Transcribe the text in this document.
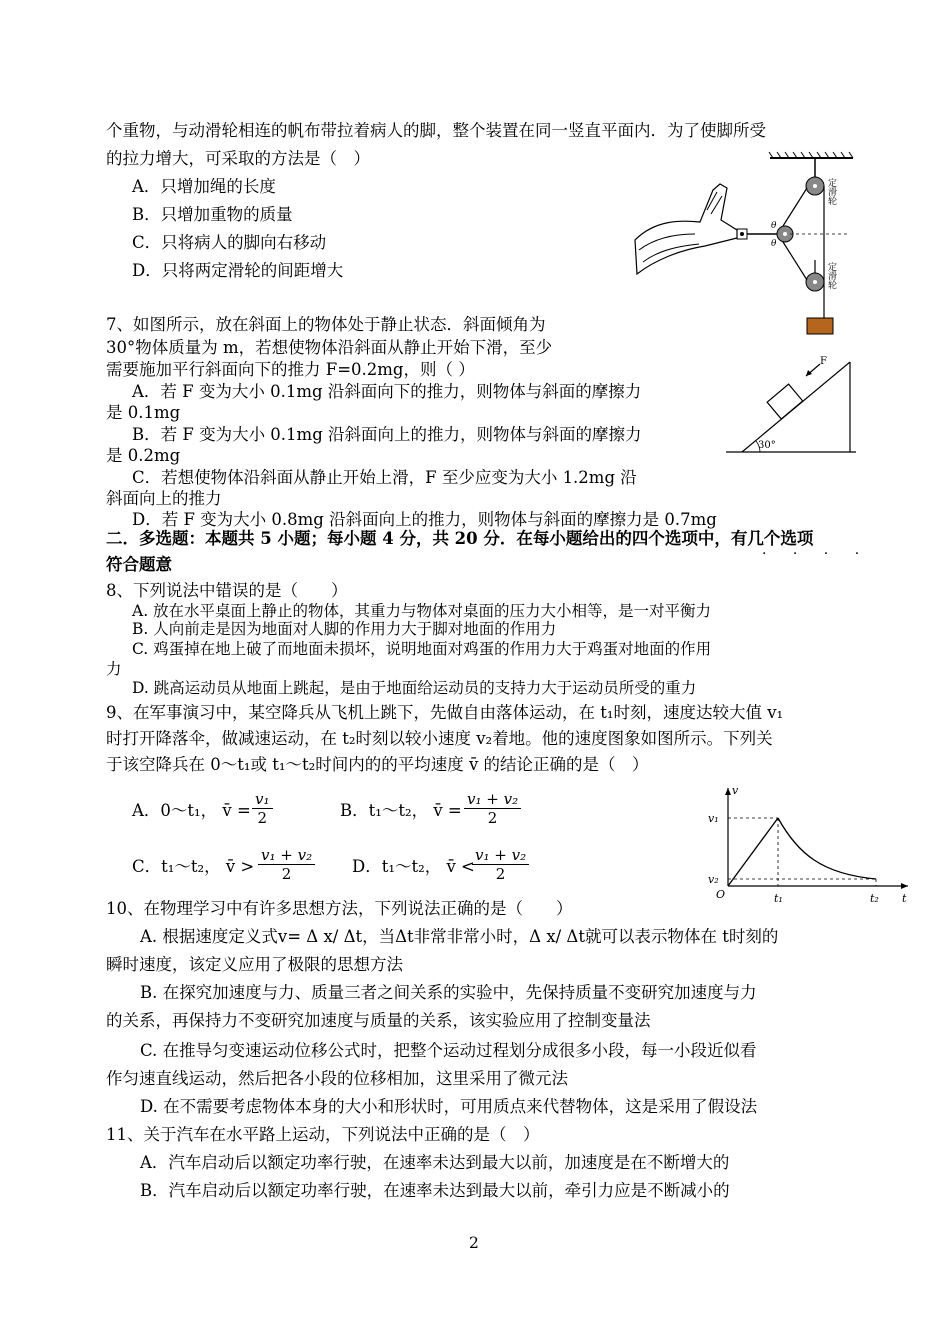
个重物，与动滑轮相连的帆布带拉着病人的脚，整个装置在同一竖直平面内．为了使脚所受
的拉力增大，可采取的方法是（　）
A．只增加绳的长度
B．只增加重物的质量
C．只将病人的脚向右移动
D．只将两定滑轮的间距增大
θ
θ
定滑轮
定滑轮
7、如图所示，放在斜面上的物体处于静止状态．斜面倾角为
30°物体质量为 m，若想使物体沿斜面从静止开始下滑，至少
需要施加平行斜面向下的推力 F=0.2mg，则（ ）
A．若 F 变为大小 0.1mg 沿斜面向下的推力，则物体与斜面的摩擦力
是 0.1mg
B．若 F 变为大小 0.1mg 沿斜面向上的推力，则物体与斜面的摩擦力
是 0.2mg
C．若想使物体沿斜面从静止开始上滑，F 至少应变为大小 1.2mg 沿
斜面向上的推力
D．若 F 变为大小 0.8mg 沿斜面向上的推力，则物体与斜面的摩擦力是 0.7mg
F
30°
二．多选题：本题共 5 小题；每小题 4 分，共 20 分．在每小题给出的四个选项中，有几个选项
符合题意
· · · ·
8、下列说法中错误的是（　　）
A. 放在水平桌面上静止的物体，其重力与物体对桌面的压力大小相等，是一对平衡力
B. 人向前走是因为地面对人脚的作用力大于脚对地面的作用力
C. 鸡蛋掉在地上破了而地面未损坏，说明地面对鸡蛋的作用力大于鸡蛋对地面的作用
力
D. 跳高运动员从地面上跳起，是由于地面给运动员的支持力大于运动员所受的重力
9、在军事演习中，某空降兵从飞机上跳下，先做自由落体运动，在 t₁时刻，速度达较大值 v₁
时打开降落伞，做减速运动，在 t₂时刻以较小速度 v₂着地。他的速度图象如图所示。下列关
于该空降兵在 0～t₁或 t₁～t₂时间内的的平均速度 v̄ 的结论正确的是（　）
A．0～t₁， v̄ = $\frac{\text{v₁}}{2}$	B．t₁～t₂， v̄ = $\frac{\text{v₁ + v₂}}{2}$
C．t₁～t₂， v̄ > $\frac{\text{v₁ + v₂}}{2}$ D．t₁～t₂， v̄ <
$\frac{\text{v₁ + v₂}}{2}$
v
v₁
v₂
O	t₁	t₂ t
10、在物理学习中有许多思想方法，下列说法正确的是（　　）
A. 根据速度定义式v= Δ x/ Δt，当Δt非常非常小时，Δ x/ Δt就可以表示物体在 t时刻的
瞬时速度，该定义应用了极限的思想方法
B. 在探究加速度与力、质量三者之间关系的实验中，先保持质量不变研究加速度与力
的关系，再保持力不变研究加速度与质量的关系，该实验应用了控制变量法
C. 在推导匀变速运动位移公式时，把整个运动过程划分成很多小段，每一小段近似看
作匀速直线运动，然后把各小段的位移相加，这里采用了微元法
D. 在不需要考虑物体本身的大小和形状时，可用质点来代替物体，这是采用了假设法
11、关于汽车在水平路上运动，下列说法中正确的是（　）
A．汽车启动后以额定功率行驶，在速率未达到最大以前，加速度是在不断增大的
B．汽车启动后以额定功率行驶，在速率未达到最大以前，牵引力应是不断减小的
2
